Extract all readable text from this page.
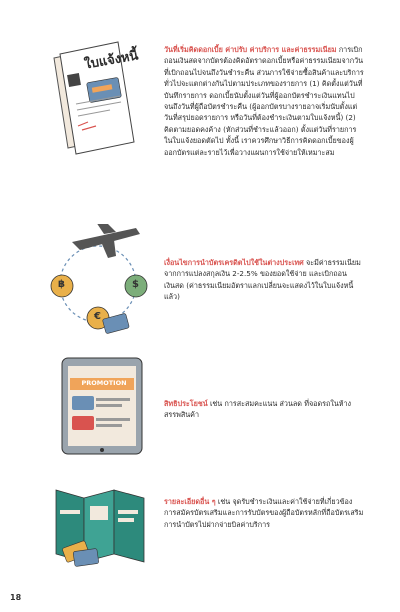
ใบแจ้งหนี้	วันที่เริ่มคิดดอกเบี้ย ค่าปรับ ค่าบริการ และค่าธรรมเนียม การเบิกถอนเงินสดจากบัตรต้องคิดอัตราดอกเบี้ยหรือค่าธรรมเนียมจากวันที่เบิกถอนไปจนถึงวันชำระคืน ส่วนการใช้จ่ายซื้อสินค้าและบริการทั่วไปจะแตกต่างกันไปตามประเภทของรายการ (1) คิดตั้งแต่วันที่บันทึกรายการ ดอกเบี้ยนับตั้งแต่วันที่ผู้ออกบัตรชำระเงินแทนไปจนถึงวันที่ผู้ถือบัตรชำระคืน (ผู้ออกบัตรบางรายอาจเริ่มนับตั้งแต่วันที่สรุปยอดรายการ หรือวันที่ต้องชำระเงินตามใบแจ้งหนี้) (2) คิดตามยอดคงค้าง (หักส่วนที่ชำระแล้วออก) ตั้งแต่วันที่รายการในใบแจ้งยอดตัดไป ทั้งนี้ เราควรศึกษาวิธีการคิดดอกเบี้ยของผู้ออกบัตรแต่ละรายไว้เพื่อวางแผนการใช้จ่ายให้เหมาะสม

฿	$
€

เงื่อนไขการนำบัตรเครดิตไปใช้ในต่างประเทศ จะมีค่าธรรมเนียมจากการแปลงสกุลเงิน 2-2.5% ของยอดใช้จ่าย และเบิกถอนเงินสด (ค่าธรรมเนียมอัตราแลกเปลี่ยนจะแสดงไว้ในใบแจ้งหนี้แล้ว)

PROMOTION

สิทธิประโยชน์ เช่น การสะสมคะแนน ส่วนลด ที่จอดรถในห้างสรรพสินค้า

รายละเอียดอื่น ๆ เช่น จุดรับชำระเงินและค่าใช้จ่ายที่เกี่ยวข้อง การสมัครบัตรเสริมและการรับบัตรของผู้ถือบัตรหลักที่ถือบัตรเสริม การนำบัตรไปฝากจ่ายบิลค่าบริการ

18
